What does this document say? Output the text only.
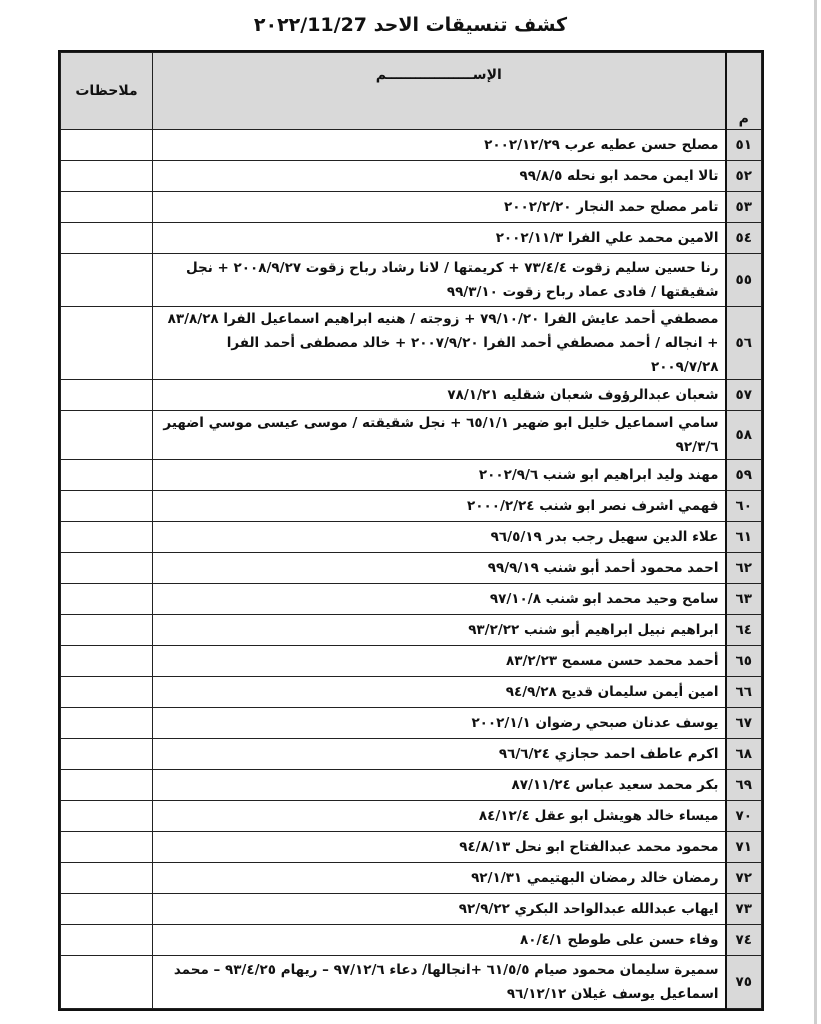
كشف تنسيقات الاحد ٢٠٢٢/11/27
م	الإســــــــــــــــــم	ملاحظات
٥١	مصلح حسن عطيه عرب ٢٠٠٢/١٢/٢٩	
٥٢	تالا ايمن محمد ابو نحله ٩٩/٨/٥	
٥٣	تامر مصلح حمد النجار ٢٠٠٢/٢/٢٠	
٥٤	الامين محمد علي الفرا ٢٠٠٢/١١/٣	
٥٥	رنا حسين سليم زقوت ٧٣/٤/٤ + كريمتها / لانا رشاد رباح زقوت ٢٠٠٨/٩/٢٧ + نجل شقيقتها / فادى عماد رباح زقوت ٩٩/٣/١٠	
٥٦	مصطفي أحمد عايش الفرا ٧٩/١٠/٢٠ + زوجته / هنيه ابراهيم اسماعيل الفرا ٨٣/٨/٢٨ + انجاله / أحمد مصطفي أحمد الفرا ٢٠٠٧/٩/٢٠ + خالد مصطفى أحمد الفرا ٢٠٠٩/٧/٢٨	
٥٧	شعبان عبدالرؤوف شعبان شقليه ٧٨/١/٢١	
٥٨	سامي اسماعيل خليل ابو ضهير ٦٥/١/١ + نجل شقيقته / موسى عيسى موسي اضهير ٩٢/٣/٦	
٥٩	مهند وليد ابراهيم ابو شنب ٢٠٠٢/٩/٦	
٦٠	فهمي اشرف نصر ابو شنب ٢٠٠٠/٢/٢٤	
٦١	علاء الدين سهيل رجب بدر ٩٦/٥/١٩	
٦٢	احمد محمود أحمد أبو شنب ٩٩/٩/١٩	
٦٣	سامح وحيد محمد ابو شنب ٩٧/١٠/٨	
٦٤	ابراهيم نبيل ابراهيم أبو شنب ٩٣/٢/٢٢	
٦٥	أحمد محمد حسن مسمح ٨٣/٢/٢٣	
٦٦	امين أيمن سليمان قديح ٩٤/٩/٢٨	
٦٧	يوسف عدنان صبحي رضوان ٢٠٠٢/١/١	
٦٨	اكرم عاطف احمد حجازي ٩٦/٦/٢٤	
٦٩	بكر محمد سعيد عباس ٨٧/١١/٢٤	
٧٠	ميساء خالد هويشل ابو عقل ٨٤/١٢/٤	
٧١	محمود محمد عبدالفتاح ابو نحل ٩٤/٨/١٣	
٧٢	رمضان خالد رمضان البهتيمي ٩٢/١/٣١	
٧٣	ايهاب عبدالله عبدالواحد البكري ٩٢/٩/٢٢	
٧٤	وفاء حسن على طوطح ٨٠/٤/١	
٧٥	سميرة سليمان محمود صيام ٦١/٥/٥ +انجالها/ دعاء ٩٧/١٢/٦ – ريهام ٩٣/٤/٢٥ – محمد اسماعيل يوسف غيلان ٩٦/١٢/١٢	
